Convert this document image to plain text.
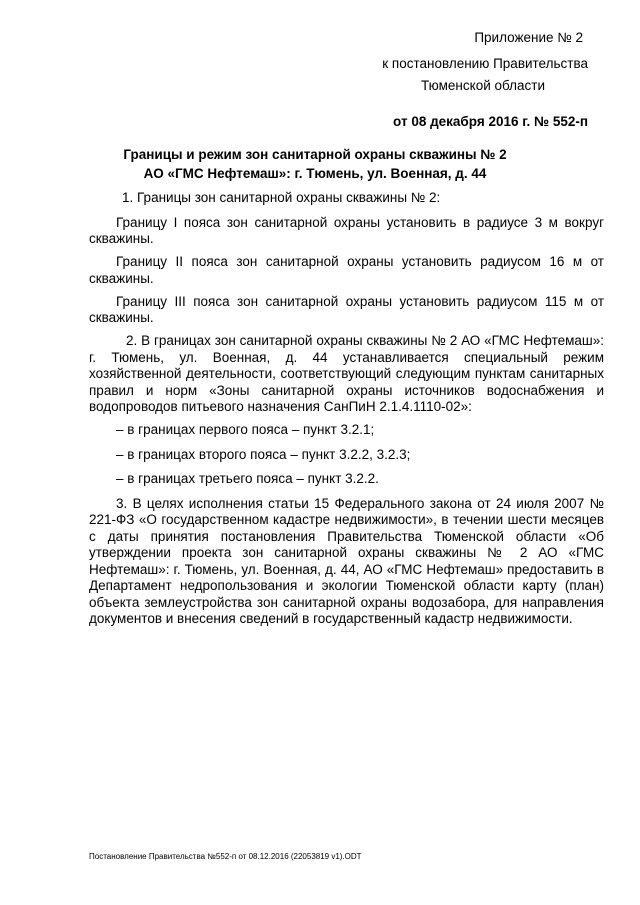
Приложение № 2
к постановлению Правительства
Тюменской области
от 08 декабря 2016 г. № 552-п
Границы и режим зон санитарной охраны скважины № 2
АО «ГМС Нефтемаш»: г. Тюмень, ул. Военная, д. 44

1. Границы зон санитарной охраны скважины № 2:

Границу I пояса зон санитарной охраны установить в радиусе 3 м вокруг скважины.

Границу II пояса зон санитарной охраны установить радиусом 16 м от скважины.

Границу III пояса зон санитарной охраны установить радиусом 115 м от скважины.

2. В границах зон санитарной охраны скважины № 2 АО «ГМС Нефтемаш»: г. Тюмень, ул. Военная, д. 44 устанавливается специальный режим хозяйственной деятельности, соответствующий следующим пунктам санитарных правил и норм «Зоны санитарной охраны источников водоснабжения и водопроводов питьевого назначения СанПиН 2.1.4.1110-02»:

– в границах первого пояса – пункт 3.2.1;

– в границах второго пояса – пункт 3.2.2, 3.2.3;

– в границах третьего пояса – пункт 3.2.2.

3. В целях исполнения статьи 15 Федерального закона от 24 июля 2007 № 221-ФЗ «О государственном кадастре недвижимости», в течении шести месяцев с даты принятия постановления Правительства Тюменской области «Об утверждении проекта зон санитарной охраны скважины № 2 АО «ГМС Нефтемаш»: г. Тюмень, ул. Военная, д. 44, АО «ГМС Нефтемаш» предоставить в Департамент недропользования и экологии Тюменской области карту (план) объекта землеустройства зон санитарной охраны водозабора, для направления документов и внесения сведений в государственный кадастр недвижимости.

Постановление Правительства №552-п от 08.12.2016 (22053819 v1).ODT
